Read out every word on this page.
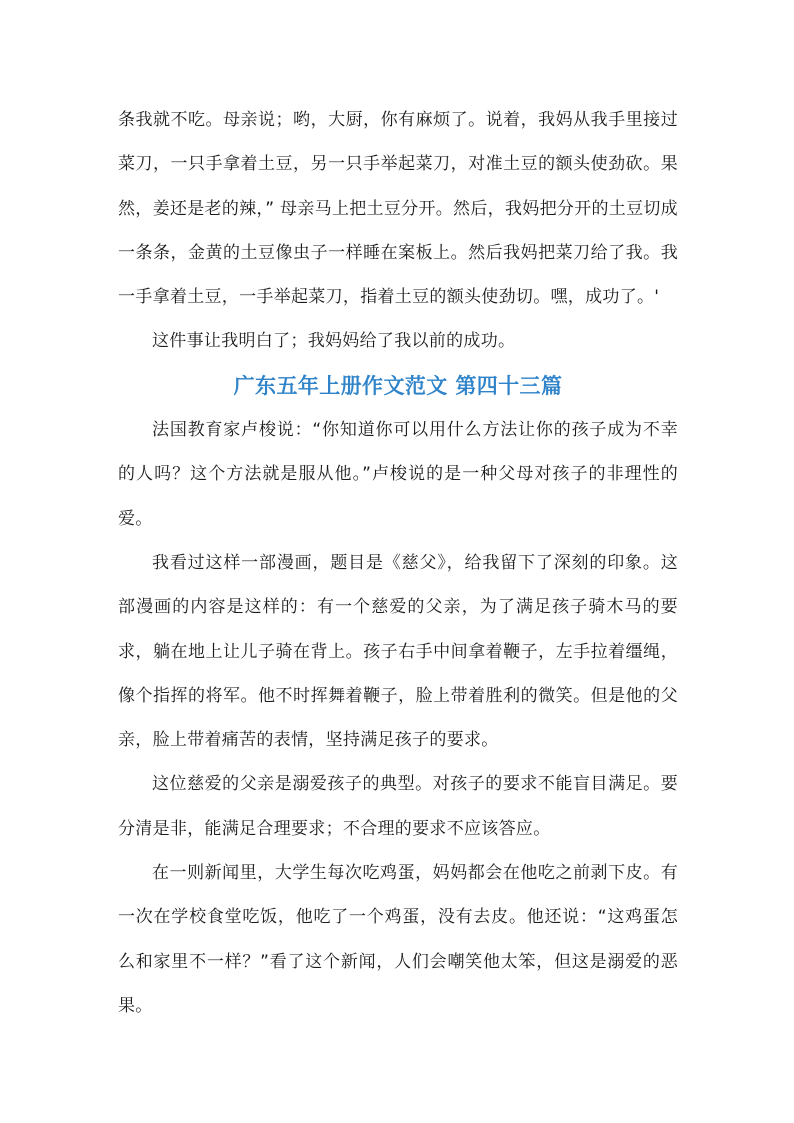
条我就不吃。母亲说；哟，大厨，你有麻烦了。说着，我妈从我手里接过菜刀，一只手拿着土豆，另一只手举起菜刀，对准土豆的额头使劲砍。果然，姜还是老的辣，” 母亲马上把土豆分开。然后，我妈把分开的土豆切成一条条，金黄的土豆像虫子一样睡在案板上。然后我妈把菜刀给了我。我一手拿着土豆，一手举起菜刀，指着土豆的额头使劲切。嘿，成功了。'

这件事让我明白了；我妈妈给了我以前的成功。

广东五年上册作文范文 第四十三篇

法国教育家卢梭说：“你知道你可以用什么方法让你的孩子成为不幸的人吗？这个方法就是服从他。”卢梭说的是一种父母对孩子的非理性的爱。

我看过这样一部漫画，题目是《慈父》，给我留下了深刻的印象。这部漫画的内容是这样的：有一个慈爱的父亲，为了满足孩子骑木马的要求，躺在地上让儿子骑在背上。孩子右手中间拿着鞭子，左手拉着缰绳，像个指挥的将军。他不时挥舞着鞭子，脸上带着胜利的微笑。但是他的父亲，脸上带着痛苦的表情，坚持满足孩子的要求。

这位慈爱的父亲是溺爱孩子的典型。对孩子的要求不能盲目满足。要分清是非，能满足合理要求；不合理的要求不应该答应。

在一则新闻里，大学生每次吃鸡蛋，妈妈都会在他吃之前剥下皮。有一次在学校食堂吃饭，他吃了一个鸡蛋，没有去皮。他还说：“这鸡蛋怎么和家里不一样？”看了这个新闻，人们会嘲笑他太笨，但这是溺爱的恶果。
